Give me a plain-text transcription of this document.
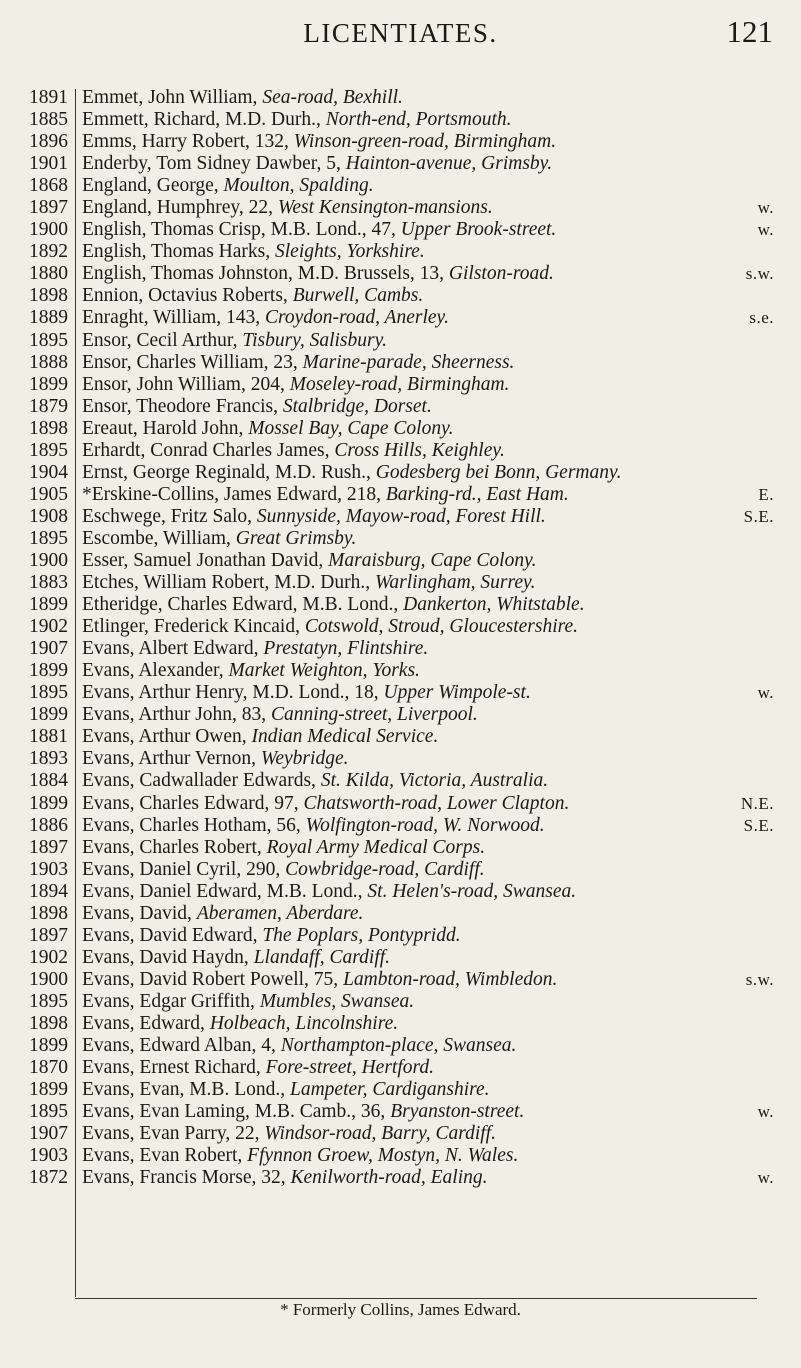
LICENTIATES.	121
1891 Emmet, John William, Sea-road, Bexhill.
1885 Emmett, Richard, M.D. Durh., North-end, Portsmouth.
1896 Emms, Harry Robert, 132, Winson-green-road, Birmingham.
1901 Enderby, Tom Sidney Dawber, 5, Hainton-avenue, Grimsby.
1868 England, George, Moulton, Spalding.
1897 England, Humphrey, 22, West Kensington-mansions.	w.
1900 English, Thomas Crisp, M.B. Lond., 47, Upper Brook-street.	w.
1892 English, Thomas Harks, Sleights, Yorkshire.
1880 English, Thomas Johnston, M.D. Brussels, 13, Gilston-road.	s.w.
1898 Ennion, Octavius Roberts, Burwell, Cambs.
1889 Enraght, William, 143, Croydon-road, Anerley.	s.e.
1895 Ensor, Cecil Arthur, Tisbury, Salisbury.
1888 Ensor, Charles William, 23, Marine-parade, Sheerness.
1899 Ensor, John William, 204, Moseley-road, Birmingham.
1879 Ensor, Theodore Francis, Stalbridge, Dorset.
1898 Ereaut, Harold John, Mossel Bay, Cape Colony.
1895 Erhardt, Conrad Charles James, Cross Hills, Keighley.
1904 Ernst, George Reginald, M.D. Rush., Godesberg bei Bonn, Germany.
1905 *Erskine-Collins, James Edward, 218, Barking-rd., East Ham.	E.
1908 Eschwege, Fritz Salo, Sunnyside, Mayow-road, Forest Hill.	S.E.
1895 Escombe, William, Great Grimsby.
1900 Esser, Samuel Jonathan David, Maraisburg, Cape Colony.
1883 Etches, William Robert, M.D. Durh., Warlingham, Surrey.
1899 Etheridge, Charles Edward, M.B. Lond., Dankerton, Whitstable.
1902 Etlinger, Frederick Kincaid, Cotswold, Stroud, Gloucestershire.
1907 Evans, Albert Edward, Prestatyn, Flintshire.
1899 Evans, Alexander, Market Weighton, Yorks.
1895 Evans, Arthur Henry, M.D. Lond., 18, Upper Wimpole-st.	w.
1899 Evans, Arthur John, 83, Canning-street, Liverpool.
1881 Evans, Arthur Owen, Indian Medical Service.
1893 Evans, Arthur Vernon, Weybridge.
1884 Evans, Cadwallader Edwards, St. Kilda, Victoria, Australia.
1899 Evans, Charles Edward, 97, Chatsworth-road, Lower Clapton.	N.E.
1886 Evans, Charles Hotham, 56, Wolfington-road, W. Norwood.	S.E.
1897 Evans, Charles Robert, Royal Army Medical Corps.
1903 Evans, Daniel Cyril, 290, Cowbridge-road, Cardiff.
1894 Evans, Daniel Edward, M.B. Lond., St. Helen's-road, Swansea.
1898 Evans, David, Aberamen, Aberdare.
1897 Evans, David Edward, The Poplars, Pontypridd.
1902 Evans, David Haydn, Llandaff, Cardiff.
1900 Evans, David Robert Powell, 75, Lambton-road, Wimbledon.	s.w.
1895 Evans, Edgar Griffith, Mumbles, Swansea.
1898 Evans, Edward, Holbeach, Lincolnshire.
1899 Evans, Edward Alban, 4, Northampton-place, Swansea.
1870 Evans, Ernest Richard, Fore-street, Hertford.
1899 Evans, Evan, M.B. Lond., Lampeter, Cardiganshire.
1895 Evans, Evan Laming, M.B. Camb., 36, Bryanston-street.	w.
1907 Evans, Evan Parry, 22, Windsor-road, Barry, Cardiff.
1903 Evans, Evan Robert, Ffynnon Groew, Mostyn, N. Wales.
1872 Evans, Francis Morse, 32, Kenilworth-road, Ealing.	w.
* Formerly Collins, James Edward.
